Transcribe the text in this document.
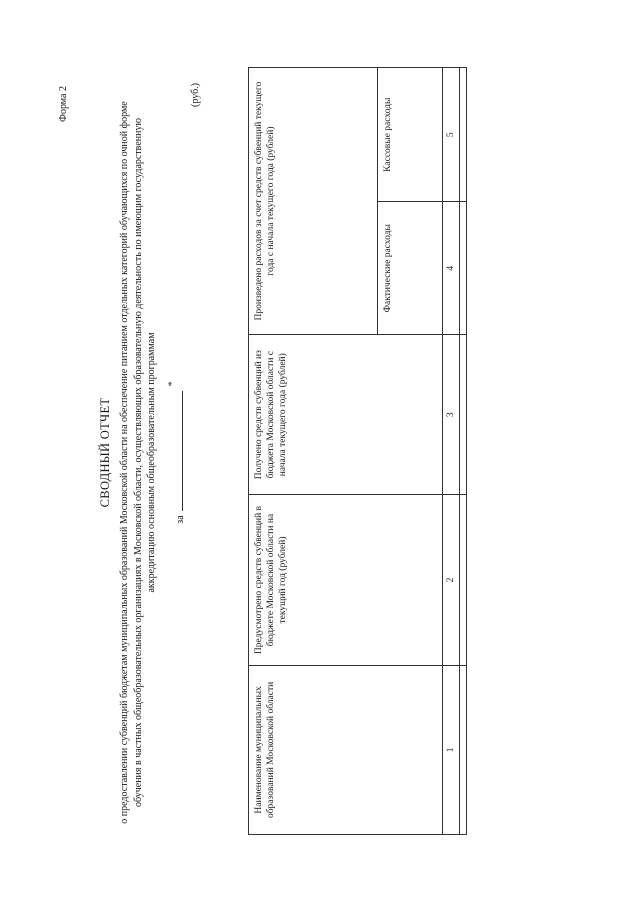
Форма 2
СВОДНЫЙ ОТЧЕТ о предоставлении субвенций бюджетам муниципальных образований Московской области на обеспечение питанием отдельных категорий обучающихся по очной форме обучения в частных общеобразовательных организациях в Московской области, осуществляющих образовательную деятельность по имеющим государственную аккредитацию основным общеобразовательным программам	за  *
(руб.)
Наименование муниципальных образований Московской области	Предусмотрено средств субвенций в бюджете Московской области на текущий год (рублей)	Получено средств субвенций из бюджета Московской области с начала текущего года (рублей)	Произведено расходов за счет средств субвенций текущего года с начала текущего года (рублей)	
			Фактические расходы	Кассовые расходы
1	2	3	4	5
